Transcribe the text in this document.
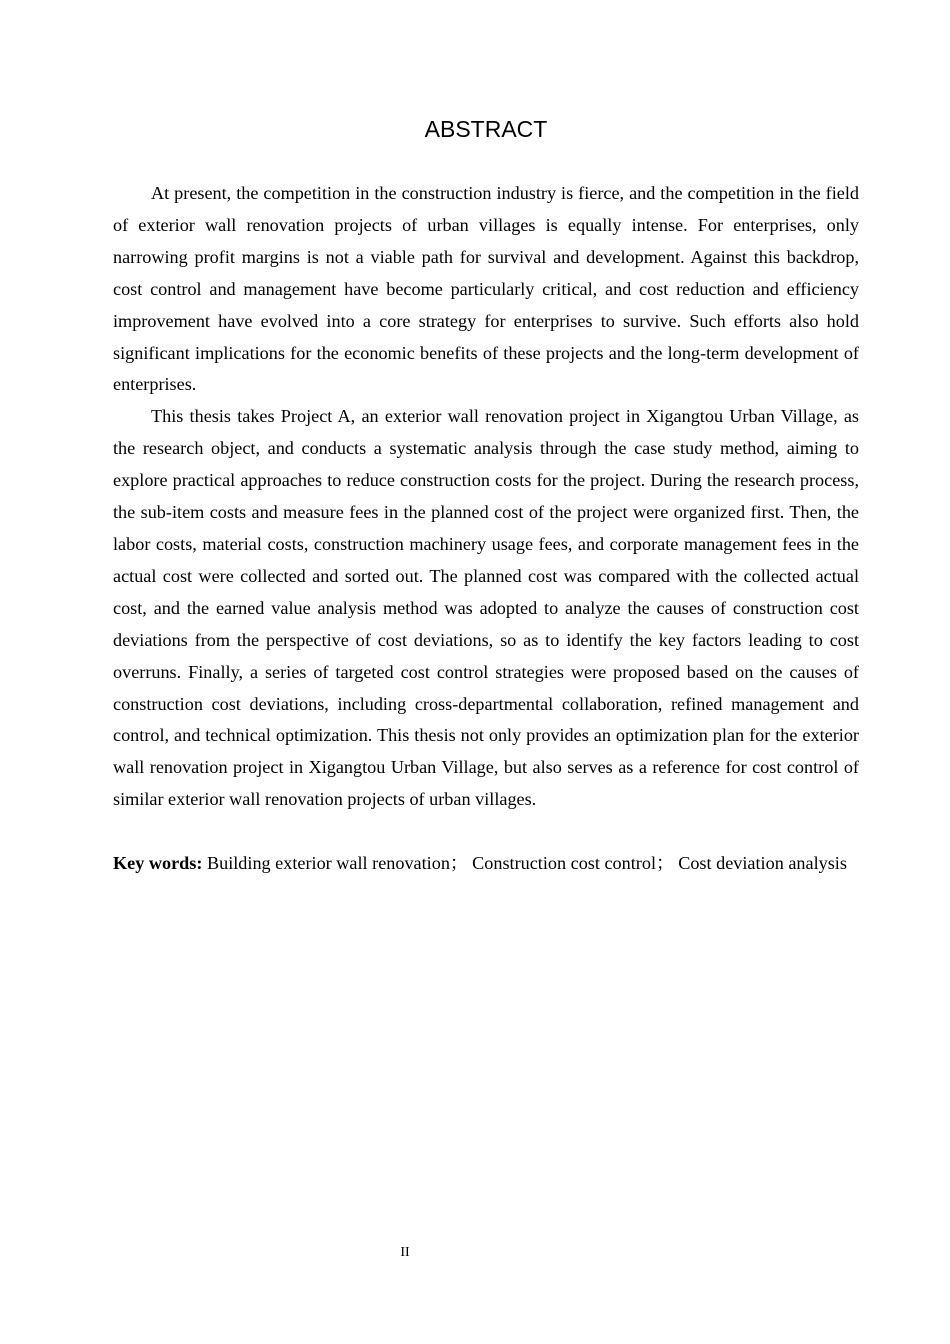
ABSTRACT

At present, the competition in the construction industry is fierce, and the competition in the field of exterior wall renovation projects of urban villages is equally intense. For enterprises, only narrowing profit margins is not a viable path for survival and development. Against this backdrop, cost control and management have become particularly critical, and cost reduction and efficiency improvement have evolved into a core strategy for enterprises to survive. Such efforts also hold significant implications for the economic benefits of these projects and the long-term development of enterprises.

This thesis takes Project A, an exterior wall renovation project in Xigangtou Urban Village, as the research object, and conducts a systematic analysis through the case study method, aiming to explore practical approaches to reduce construction costs for the project. During the research process, the sub-item costs and measure fees in the planned cost of the project were organized first. Then, the labor costs, material costs, construction machinery usage fees, and corporate management fees in the actual cost were collected and sorted out. The planned cost was compared with the collected actual cost, and the earned value analysis method was adopted to analyze the causes of construction cost deviations from the perspective of cost deviations, so as to identify the key factors leading to cost overruns. Finally, a series of targeted cost control strategies were proposed based on the causes of construction cost deviations, including cross-departmental collaboration, refined management and control, and technical optimization. This thesis not only provides an optimization plan for the exterior wall renovation project in Xigangtou Urban Village, but also serves as a reference for cost control of similar exterior wall renovation projects of urban villages.

Key words: Building exterior wall renovation； Construction cost control； Cost deviation analysis

II
